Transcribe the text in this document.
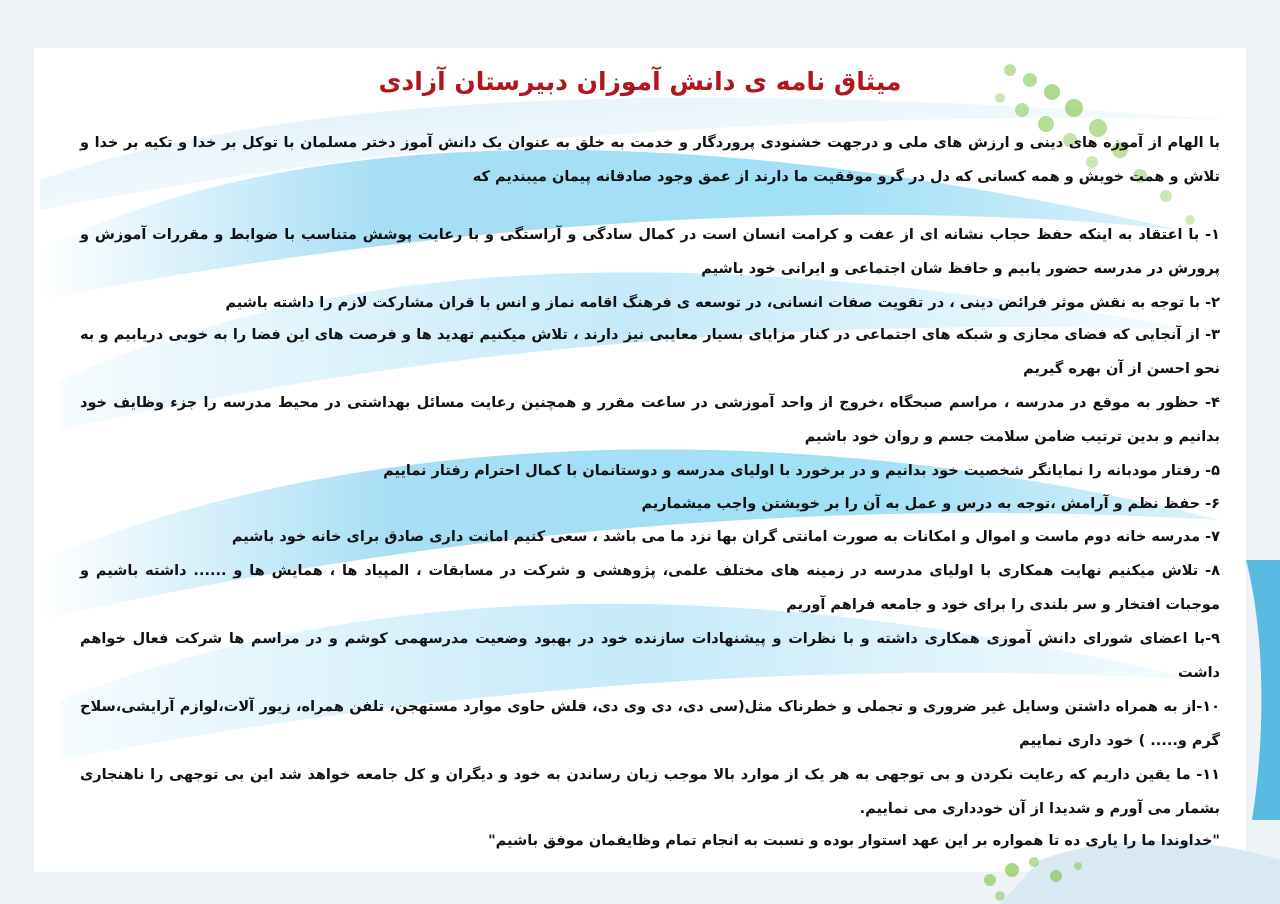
میثاق نامه ی دانش آموزان دبیرستان آزادی
با الهام از آموزه های دینی و ارزش های ملی و درجهت خشنودی پروردگار و خدمت به خلق به عنوان یک دانش آموز دختر مسلمان با توکل بر خدا و تکیه بر خدا و تلاش و همت خویش و همه کسانی که دل در گرو موفقیت ما دارند از عمق وجود صادقانه پیمان میبندیم که
۱- با اعتقاد به اینکه حفظ حجاب نشانه ای از عفت و کرامت انسان است در کمال سادگی و آراستگی و با رعایت پوشش متناسب با ضوابط و مقررات آموزش و پرورش در مدرسه حضور یابیم و حافظ شان اجتماعی و ایرانی خود باشیم
۲- با توجه به نقش موثر فرائض دینی ، در تقویت صفات انسانی، در توسعه ی فرهنگ اقامه نماز و انس با قران مشارکت لازم را داشته باشیم
۳- از آنجایی که فضای مجازی و شبکه های اجتماعی در کنار مزایای بسیار معایبی نیز دارند ، تلاش میکنیم تهدید ها و فرصت های این فضا را به خوبی دریابیم و به نحو احسن از آن بهره گیریم
۴- حظور به موقع در مدرسه ، مراسم صبحگاه ،خروج از واحد آموزشی در ساعت مقرر و همچنین رعایت مسائل بهداشتی در محیط مدرسه را جزء وظایف خود بدانیم و بدین ترتیب ضامن سلامت جسم و روان خود باشیم
۵- رفتار مودبانه را نمایانگر شخصیت خود بدانیم و در برخورد با اولیای مدرسه و دوستانمان با کمال احترام رفتار نماییم
۶- حفظ نظم و آرامش ،توجه به درس و عمل به آن را بر خویشتن واجب میشماریم
۷- مدرسه خانه دوم ماست و اموال و امکانات به صورت امانتی گران بها نزد ما می باشد ، سعی کنیم امانت داری صادق برای خانه خود باشیم
۸- تلاش میکنیم نهایت همکاری با اولیای مدرسه در زمینه های مختلف علمی، پژوهشی و شرکت در مسابقات ، المپیاد ها ، همایش ها و ...... داشته باشیم و موجبات افتخار و سر بلندی را برای خود و جامعه فراهم آوریم
۹-با اعضای شورای دانش آموزی همکاری داشته و با نظرات و پیشنهادات سازنده خود در بهبود وضعیت مدرسهمی کوشم و در مراسم ها شرکت فعال خواهم داشت
۱۰-از به همراه داشتن وسایل غیر ضروری و تجملی و خطرناک مثل(سی دی، دی وی دی، فلش حاوی موارد مستهجن، تلفن همراه، زیور آلات،لوازم آرایشی،سلاح گرم و..... ) خود داری نماییم
۱۱- ما یقین داریم که رعایت نکردن و بی توجهی به هر یک از موارد بالا موجب زیان رساندن به خود و دیگران و کل جامعه خواهد شد این بی توجهی را ناهنجاری بشمار می آورم و شدیدا از آن خودداری می نماییم.
"خداوندا ما را یاری ده تا همواره بر این عهد استوار بوده و نسبت به انجام تمام وظایفمان موفق باشیم"
